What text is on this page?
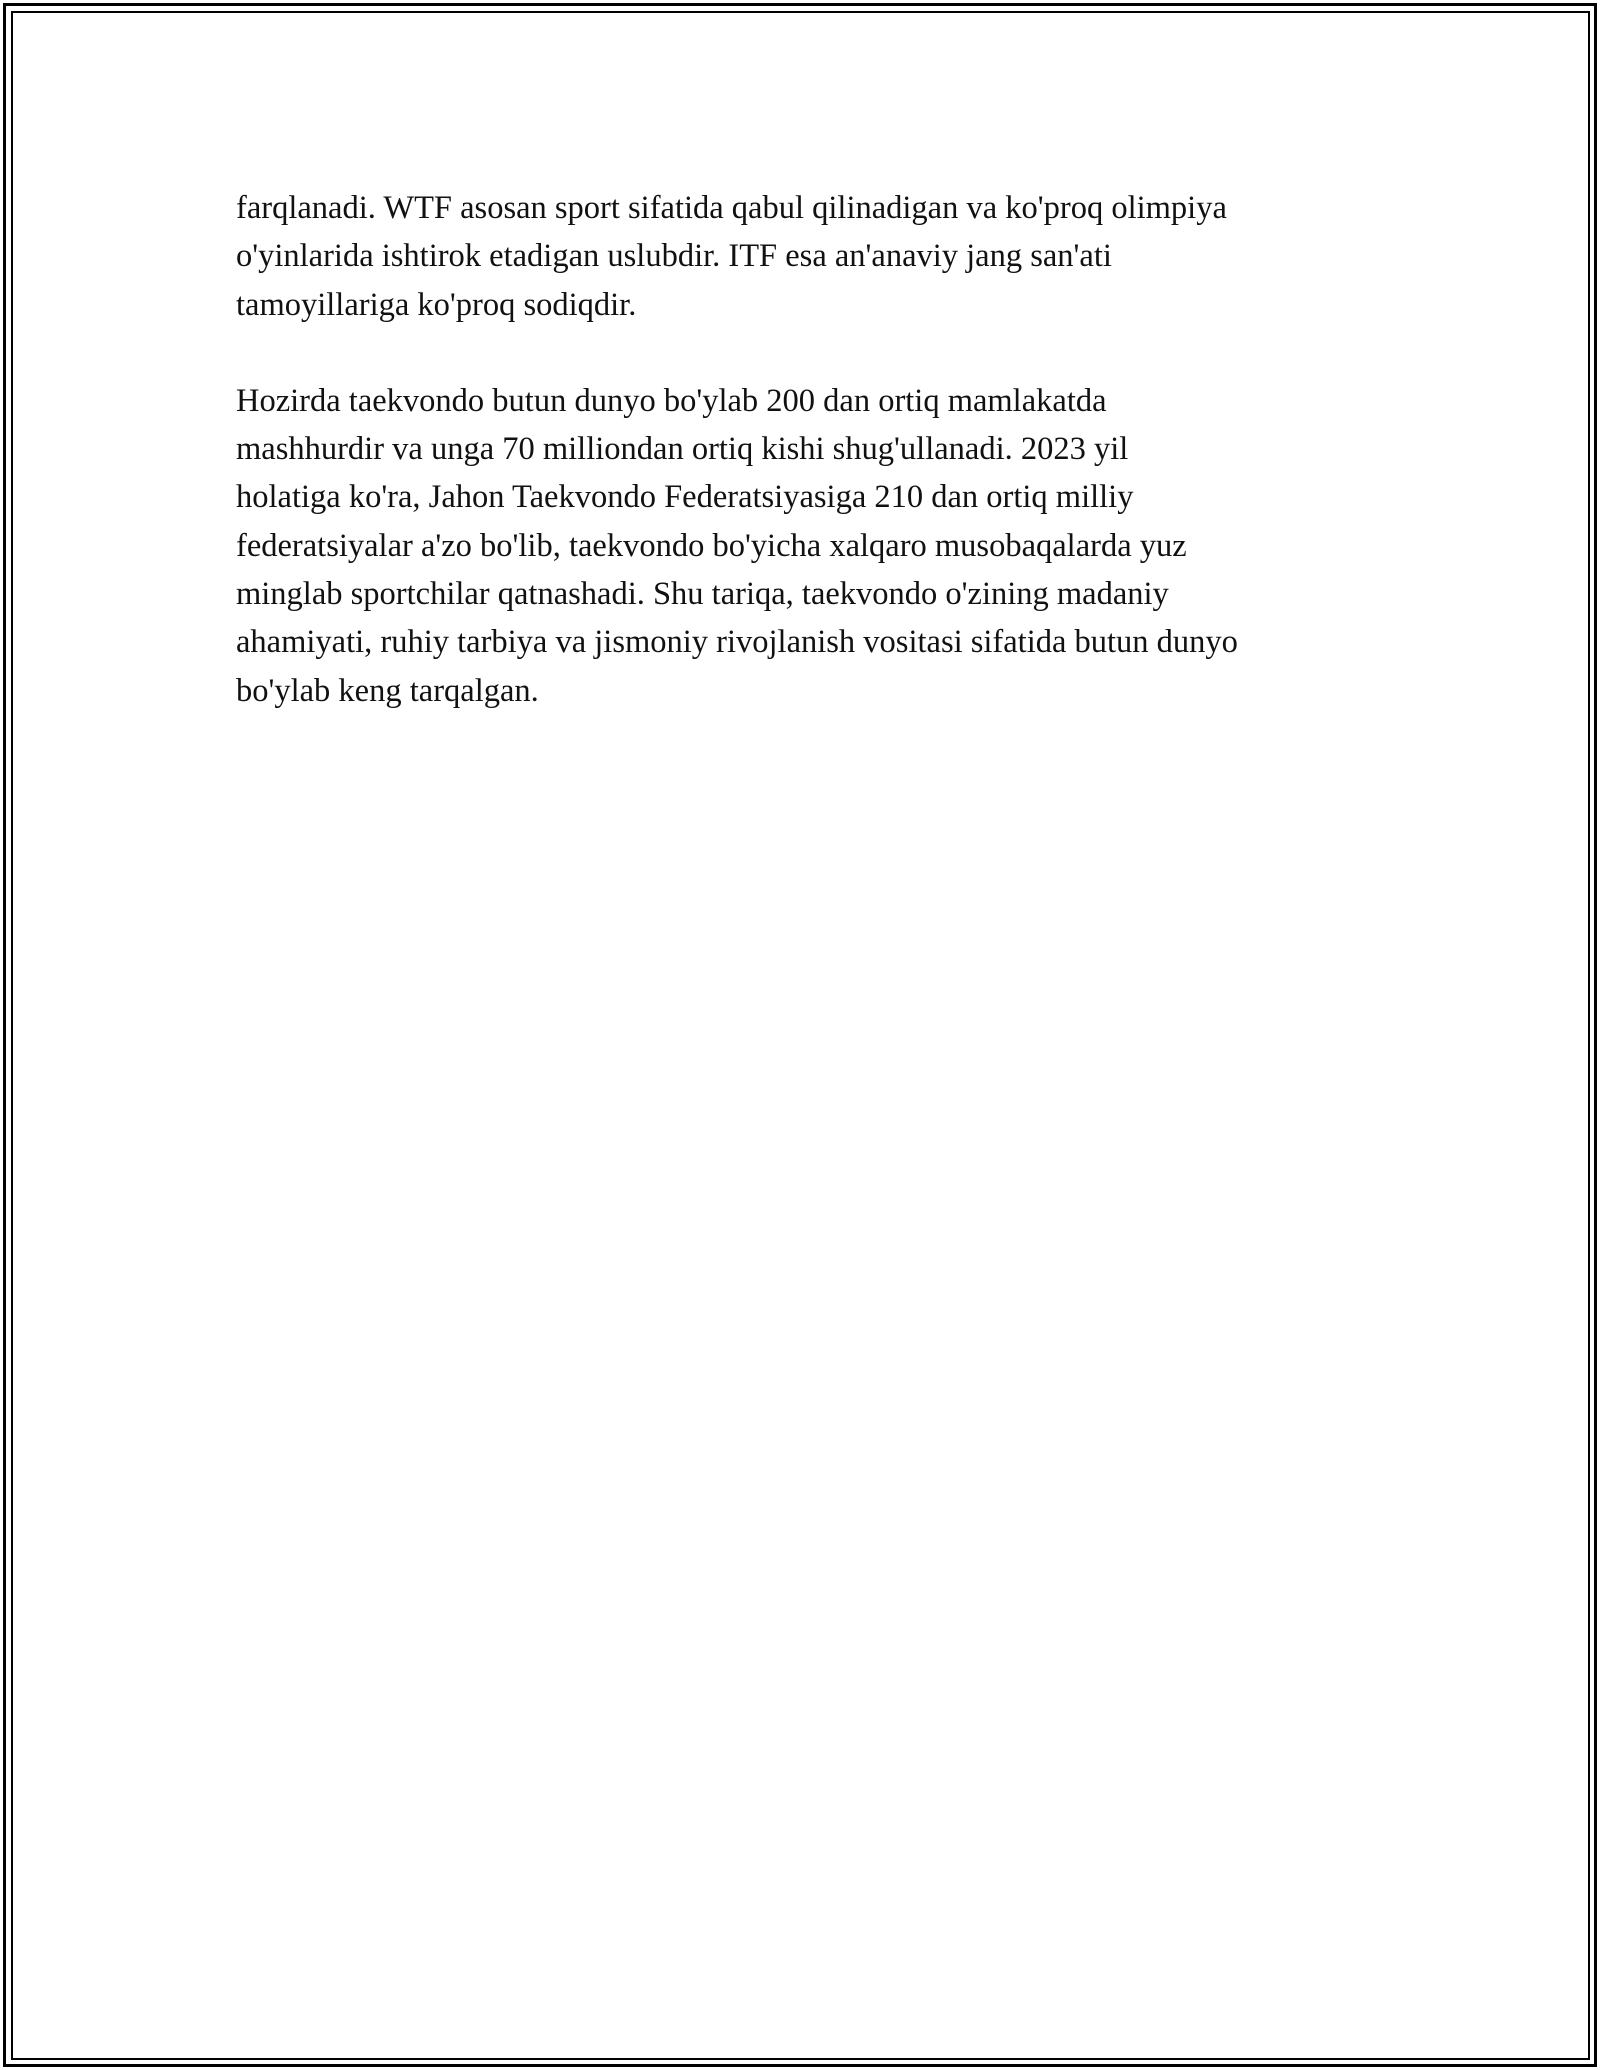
farqlanadi. WTF asosan sport sifatida qabul qilinadigan va ko'proq olimpiya
o'yinlarida ishtirok etadigan uslubdir. ITF esa an'anaviy jang san'ati
tamoyillariga ko'proq sodiqdir.

Hozirda taekvondo butun dunyo bo'ylab 200 dan ortiq mamlakatda
mashhurdir va unga 70 milliondan ortiq kishi shug'ullanadi. 2023 yil
holatiga ko'ra, Jahon Taekvondo Federatsiyasiga 210 dan ortiq milliy
federatsiyalar a'zo bo'lib, taekvondo bo'yicha xalqaro musobaqalarda yuz
minglab sportchilar qatnashadi. Shu tariqa, taekvondo o'zining madaniy
ahamiyati, ruhiy tarbiya va jismoniy rivojlanish vositasi sifatida butun dunyo
bo'ylab keng tarqalgan.
